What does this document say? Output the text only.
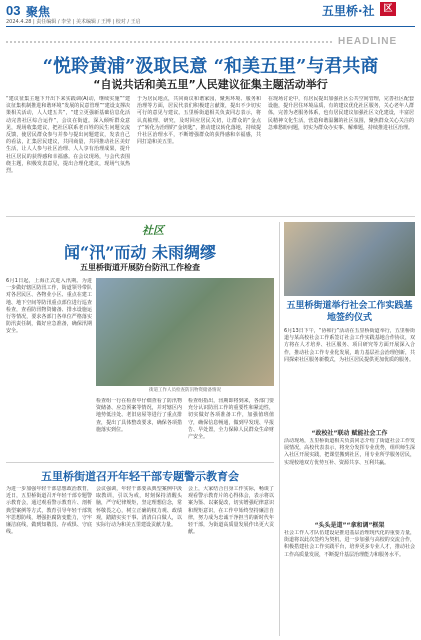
03 聚焦
2024.4.28 | 责任编辑 / 李莹 | 美术编辑 / 王博 | 校对 / 王启
五里桥·社 区
HEADLINE
“悦聆黄浦”汲取民意 “和美五里”与君共商
“自说共话和美五里”人民建议征集主题活动举行
“建议征集主题下开出下来实践调(A)动，继续实施”“建议征集机制推进和谐环境”发展的民意管理”“建设支撑决策相关活动，人人建五共”，“建立更强新基础信息化活动完善社区综合运作”，会议在街道。深入倾听群众意见，现场收集建议，把社区联系老百姓的民生问题交流反馈，使居民群众参与并参与提出问题建议，发表自己的看法，汇集居民建议，共同商量，共同推动社区美好生活，让人人参与社区治理、人人享有治理成果，提升社区居民的获得感和幸福感。在会议现场，与会代表围绕主题，积极发表意见，提出合理化建议，现场气氛热烈。
于为居民地点，共同商议和谐家园，聚焦环境、服务和治理等方面，居民代表们积极建言献策，提出不少切实可行的意见与建议。五里桥街道相关负责同志表示，将认真梳理、研究，及时回应居民关切，让群众的“金点子”转化为治理的“金钥匙”，推动建议转化落地，持续提升社区治理水平，不断增强群众的获得感和幸福感，共同打造和美五里。
在现场讨论中，有居民提出加强社区公共空间管理，完善社区配套设施，提升居住环境品质，有的建议优化社区服务，关心老年人群体，完善为老服务体系，也有居民建议加强社区文化建设，丰富居民精神文化生活，营造和谐温馨的社区氛围，聚焦群众关心关注的急难愁盼问题，切实为群众办实事、解难题，持续推进社区治理。
社区
闻“汛”而动 未雨绸缪
五里桥街道开展防台防汛工作检查
6月1日起，上海正式进入汛期。为进一步做好辖区防汛工作，街道领导带队对各居民区、各物业小区、重点在建工地、地下空间等防汛重点部位进行巡查检查，查看防汛物资储备、排水设施运行等情况，要求各部门各单位严格落实防汛责任制，做好应急准备，确保汛期安全。
街道工作人员检查防汛物资储备情况
检查组一行在检查中仔细查看了防汛物资储备、应急预案等情况，并对辖区内地势低洼处、老旧房屋等进行了重点排查，提出了具体整改要求，确保各项措施落实到位。
检查组指出，汛期即将到来，各部门要充分认识防汛工作的重要性和紧迫性，切实做好各项准备工作，加强值班值守，确保信息畅通，做到早发现、早报告、早处置，全力保障人民群众生命财产安全。
五里桥街道召开年轻干部专题警示教育会
为进一步加强年轻干部思想政治教育，近日，五里桥街道召开年轻干部专题警示教育会，通过观看警示教育片、剖析典型案例等方式，教育引导年轻干部筑牢思想防线，增强拒腐防变能力，守牢廉洁底线，做到知敬畏、存戒惧、守底线。
会议强调，年轻干部要从典型案例中汲取教训，引以为戒，时刻保持清醒头脑，严守纪律规矩，坚定理想信念，常怀敬畏之心，树立正确的权力观、政绩观，踏踏实实干事、清清白白做人，以实际行动为和美五里建设贡献力量。
会上，大家结合自身工作实际，畅谈了观看警示教育片的心得体会，表示将以案为鉴、以案促改，切实增强纪律意识和规矩意识，在工作中始终坚持廉洁自律，努力成为忠诚干净担当的新时代年轻干部，为街道高质量发展作出更大贡献。
五里桥街道举行社会工作实践基地签约仪式
6月13日下午，“协和行”活动在五里桥街道举行，五里桥街道与某高校社会工作系签订社会工作实践基地合作协议，双方将在人才培养、社区服务、项目研究等方面开展深入合作，推动社会工作专业化发展，助力基层社会治理创新，共同探索社区服务新模式，为社区居民提供更加优质的服务。
“政校社”联动 赋能社会工作
活动现场，五里桥街道相关负责同志介绍了街道社会工作发展情况，高校代表表示，将充分发挥专业优势，组织师生深入社区开展实践，把课堂搬到社区，用专业所学服务居民，实现校地双方优势互补、资源共享、互利共赢。
“头头是道”“拿和调”框架
社会工作人才队伍建设是推进基层治理现代化的重要力量，街道将以此次签约为契机，进一步加强与高校的交流合作，积极搭建社会工作实践平台，培养更多专业人才，推动社会工作高质量发展，不断提升基层治理能力和服务水平。
